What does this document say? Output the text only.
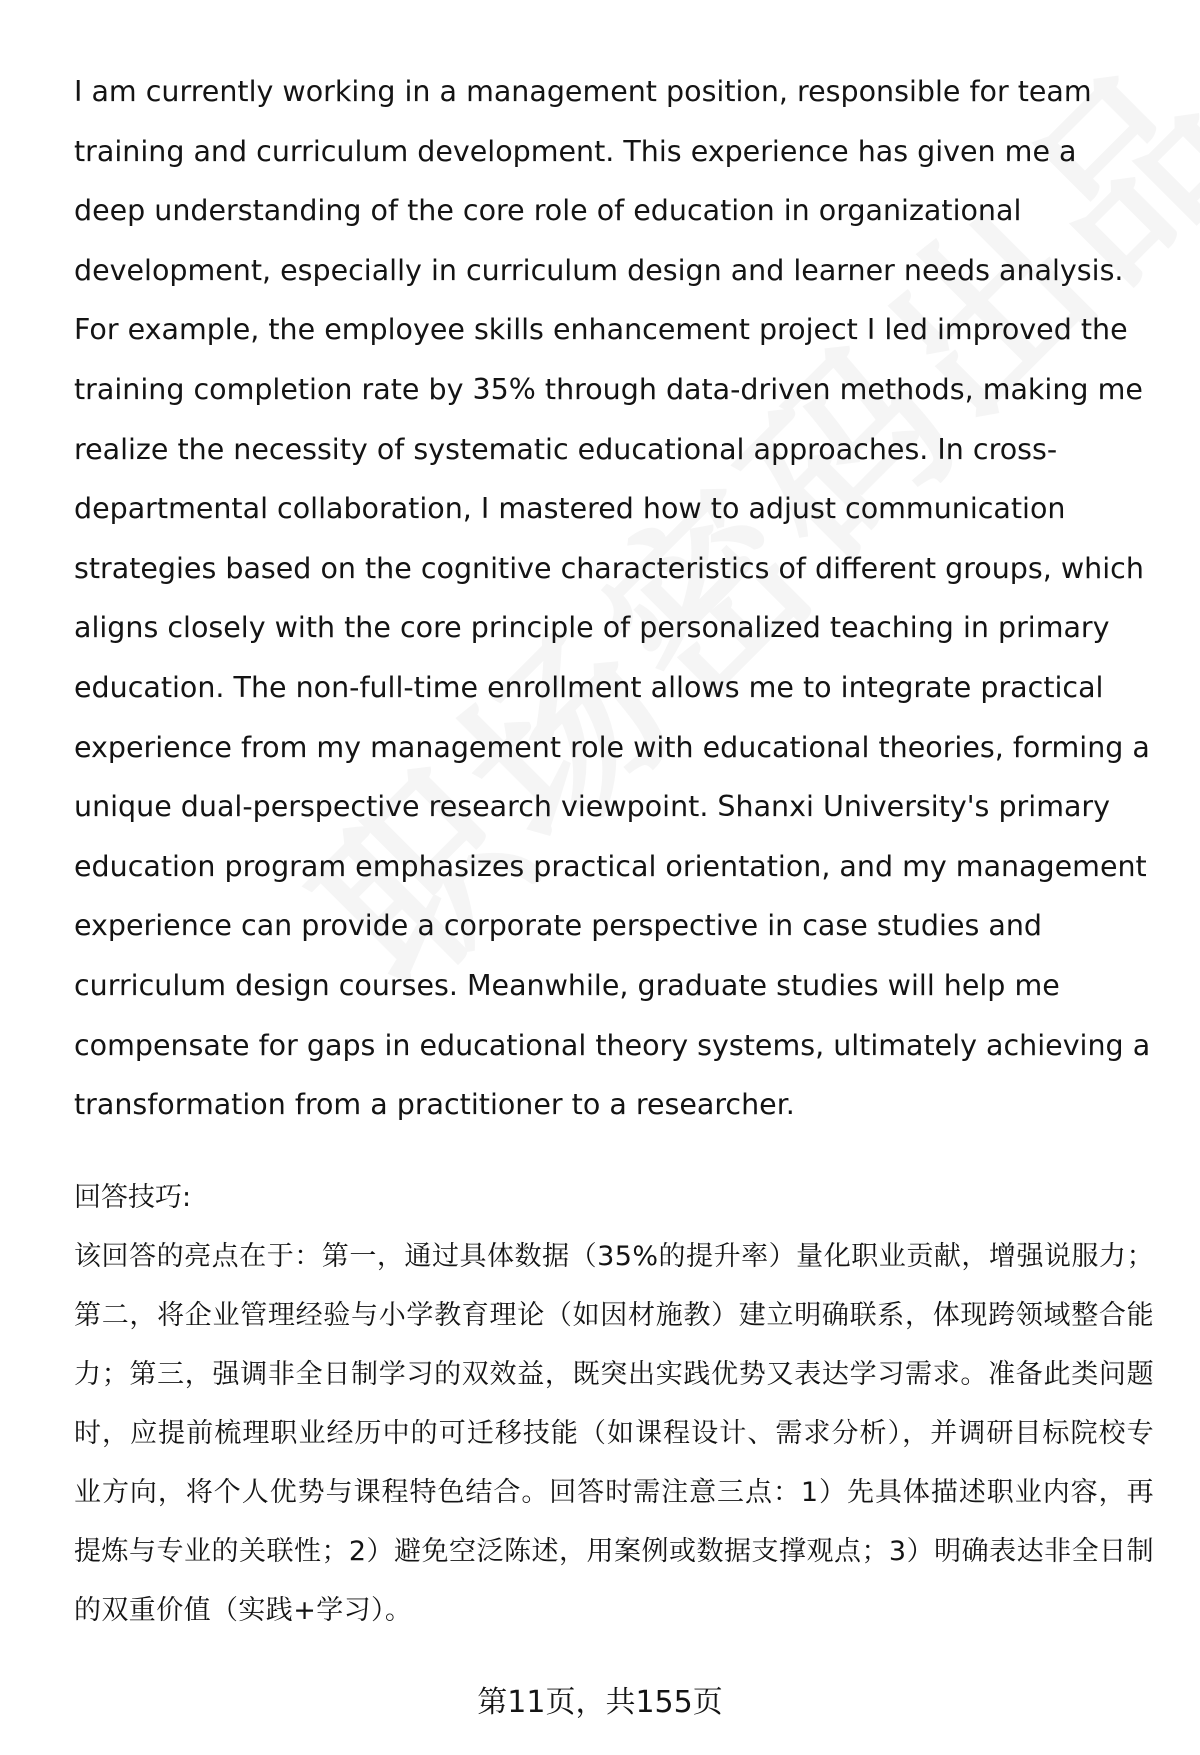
I am currently working in a management position, responsible for team training and curriculum development. This experience has given me a deep understanding of the core role of education in organizational development, especially in curriculum design and learner needs analysis. For example, the employee skills enhancement project I led improved the training completion rate by 35% through data-driven methods, making me realize the necessity of systematic educational approaches. In cross-departmental collaboration, I mastered how to adjust communication strategies based on the cognitive characteristics of different groups, which aligns closely with the core principle of personalized teaching in primary education. The non-full-time enrollment allows me to integrate practical experience from my management role with educational theories, forming a unique dual-perspective research viewpoint. Shanxi University's primary education program emphasizes practical orientation, and my management experience can provide a corporate perspective in case studies and curriculum design courses. Meanwhile, graduate studies will help me compensate for gaps in educational theory systems, ultimately achieving a transformation from a practitioner to a researcher.

回答技巧:

该回答的亮点在于：第一，通过具体数据（35%的提升率）量化职业贡献，增强说服力；第二，将企业管理经验与小学教育理论（如因材施教）建立明确联系，体现跨领域整合能力；第三，强调非全日制学习的双效益，既突出实践优势又表达学习需求。准备此类问题时，应提前梳理职业经历中的可迁移技能（如课程设计、需求分析），并调研目标院校专业方向，将个人优势与课程特色结合。回答时需注意三点：1）先具体描述职业内容，再提炼与专业的关联性；2）避免空泛陈述，用案例或数据支撑观点；3）明确表达非全日制的双重价值（实践+学习）。

第11页，共155页
